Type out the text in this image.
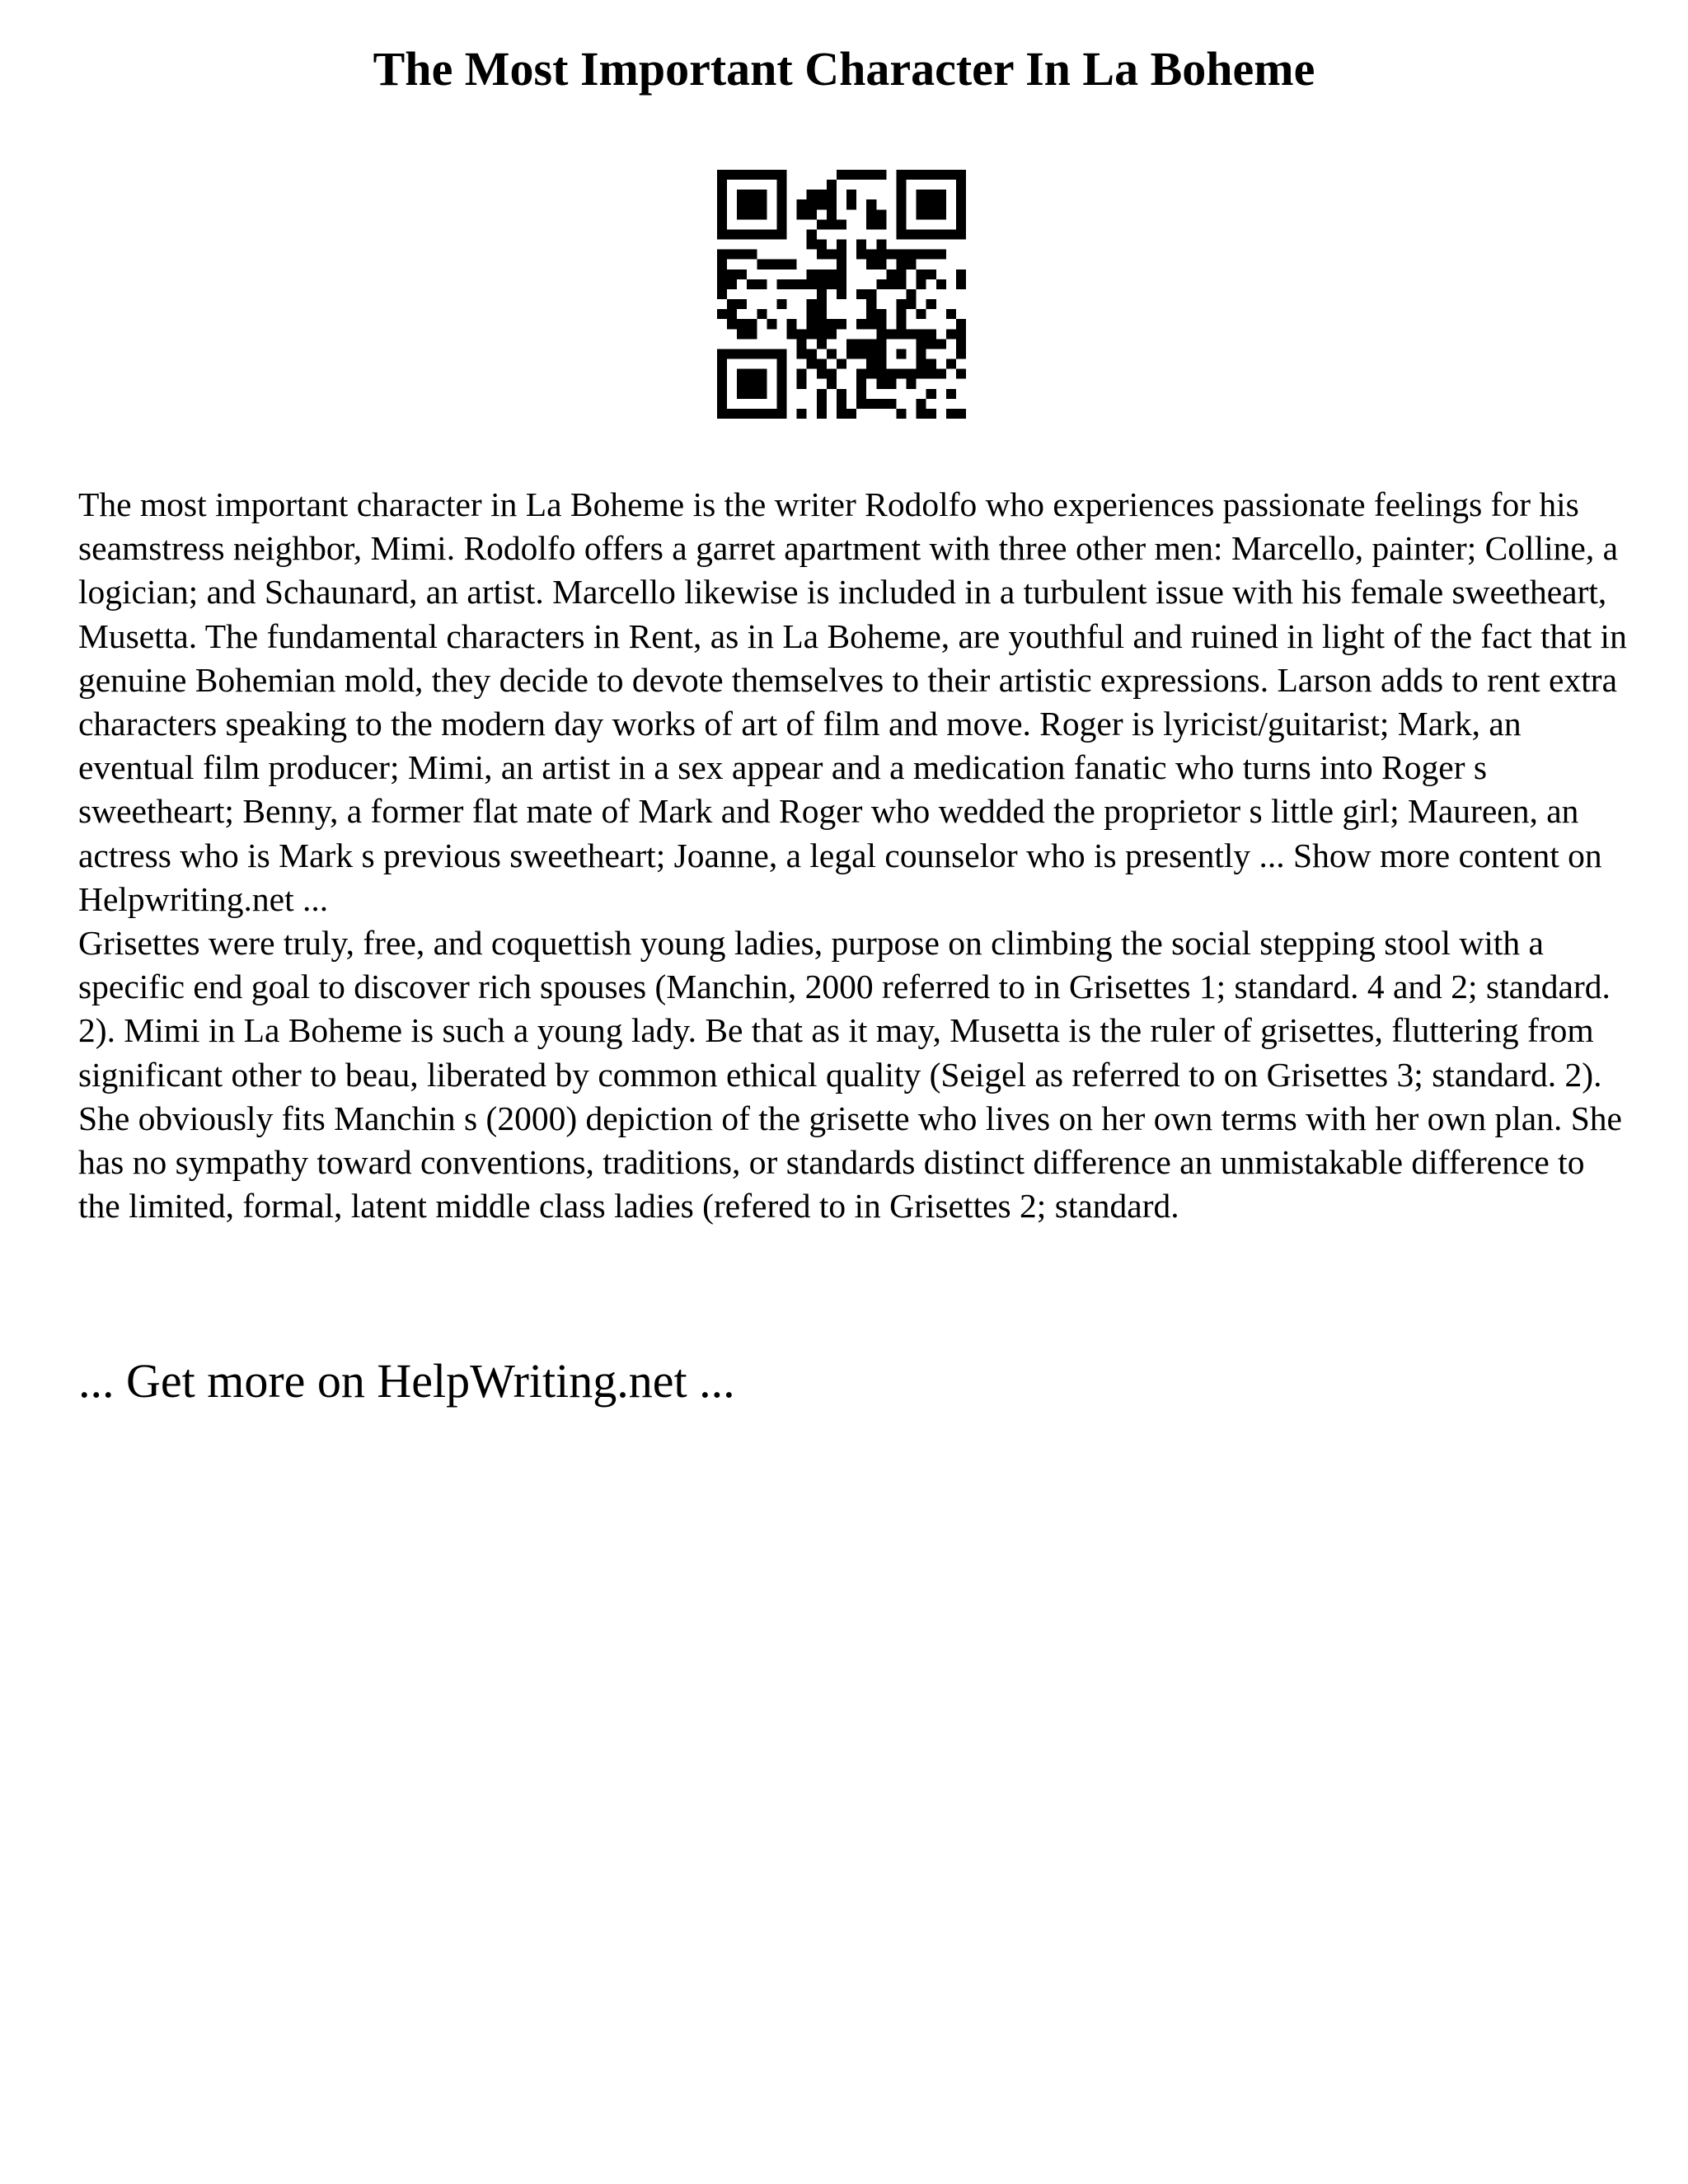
The Most Important Character In La Boheme

The most important character in La Boheme is the writer Rodolfo who experiences passionate feelings for his seamstress neighbor, Mimi. Rodolfo offers a garret apartment with three other men: Marcello, painter; Colline, a logician; and Schaunard, an artist. Marcello likewise is included in a turbulent issue with his female sweetheart, Musetta. The fundamental characters in Rent, as in La Boheme, are youthful and ruined in light of the fact that in genuine Bohemian mold, they decide to devote themselves to their artistic expressions. Larson adds to rent extra characters speaking to the modern day works of art of film and move. Roger is lyricist/guitarist; Mark, an eventual film producer; Mimi, an artist in a sex appear and a medication fanatic who turns into Roger s sweetheart; Benny, a former flat mate of Mark and Roger who wedded the proprietor s little girl; Maureen, an actress who is Mark s previous sweetheart; Joanne, a legal counselor who is presently ... Show more content on Helpwriting.net ...

Grisettes were truly, free, and coquettish young ladies, purpose on climbing the social stepping stool with a specific end goal to discover rich spouses (Manchin, 2000 referred to in Grisettes 1; standard. 4 and 2; standard. 2). Mimi in La Boheme is such a young lady. Be that as it may, Musetta is the ruler of grisettes, fluttering from significant other to beau, liberated by common ethical quality (Seigel as referred to on Grisettes 3; standard. 2). She obviously fits Manchin s (2000) depiction of the grisette who lives on her own terms with her own plan. She has no sympathy toward conventions, traditions, or standards distinct difference an unmistakable difference to the limited, formal, latent middle class ladies (refered to in Grisettes 2; standard.

... Get more on HelpWriting.net ...
